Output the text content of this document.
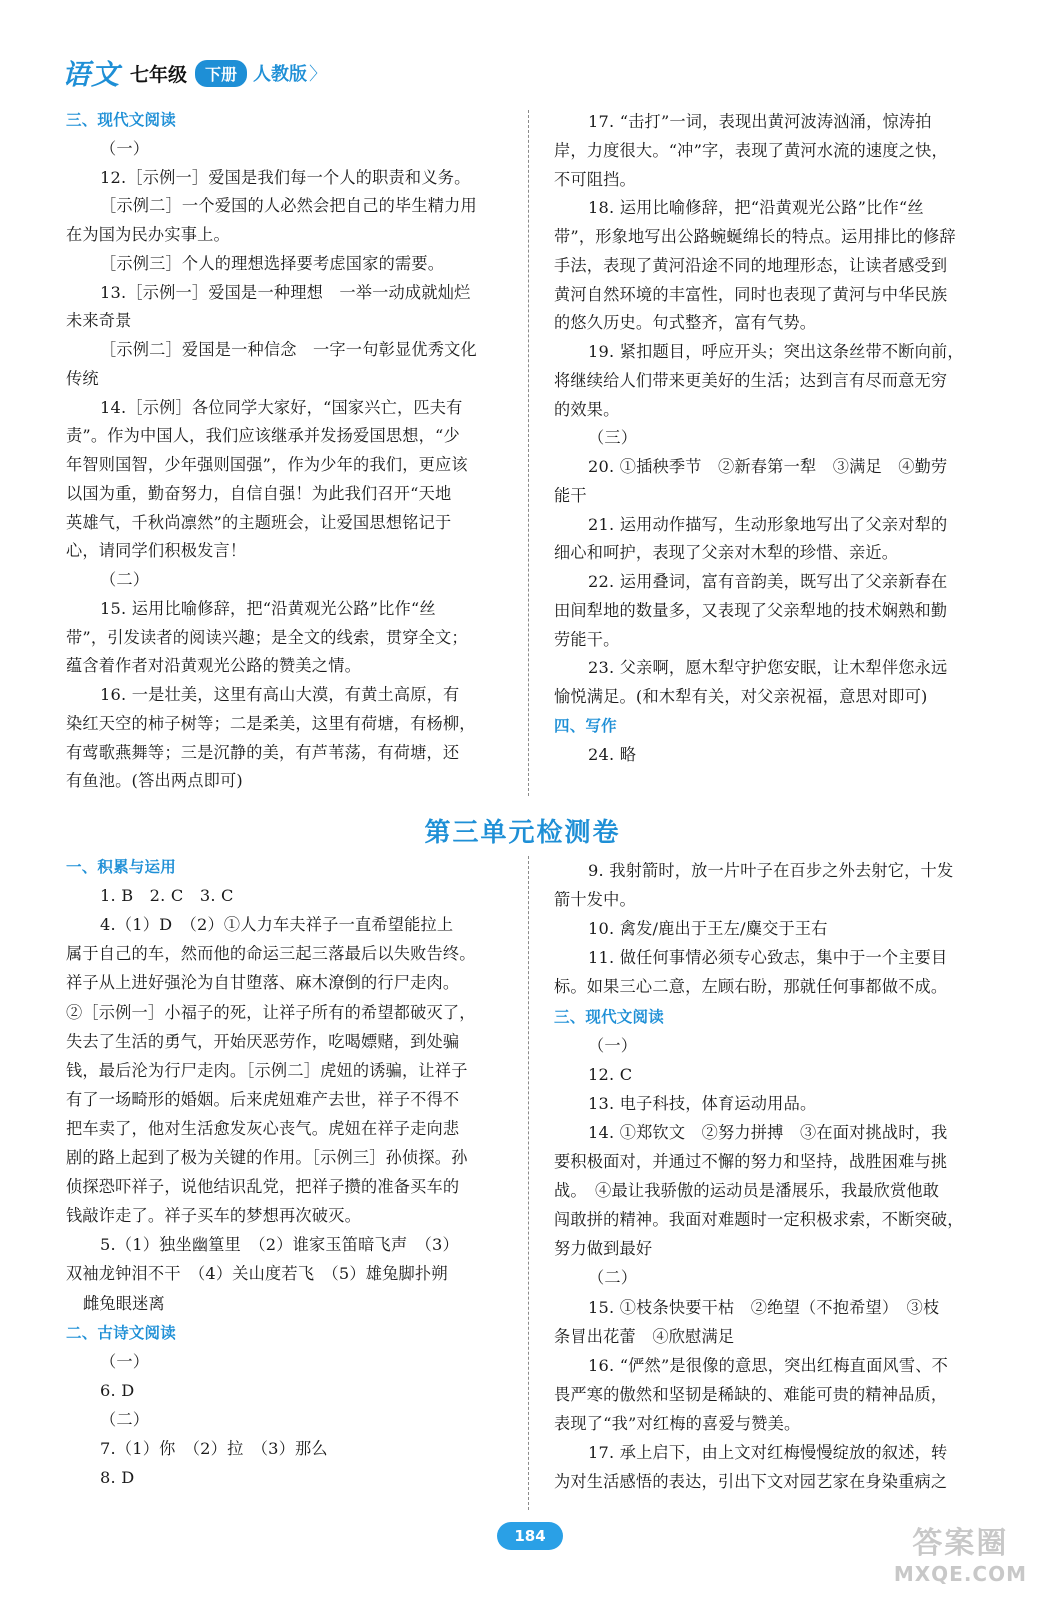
语文 七年级	下册 人教版 〉
三、现代文阅读
（一）
12.［示例一］爱国是我们每一个人的职责和义务。
［示例二］一个爱国的人必然会把自己的毕生精力用
在为国为民办实事上。
［示例三］个人的理想选择要考虑国家的需要。
13.［示例一］爱国是一种理想　一举一动成就灿烂
未来奇景
［示例二］爱国是一种信念　一字一句彰显优秀文化
传统
14.［示例］各位同学大家好，“国家兴亡，匹夫有
责”。作为中国人，我们应该继承并发扬爱国思想，“少
年智则国智，少年强则国强”，作为少年的我们，更应该
以国为重，勤奋努力，自信自强！为此我们召开“天地
英雄气，千秋尚凛然”的主题班会，让爱国思想铭记于
心，请同学们积极发言！
（二）
15. 运用比喻修辞，把“沿黄观光公路”比作“丝
带”，引发读者的阅读兴趣；是全文的线索，贯穿全文；
蕴含着作者对沿黄观光公路的赞美之情。
16. 一是壮美，这里有高山大漠，有黄土高原，有
染红天空的柿子树等；二是柔美，这里有荷塘，有杨柳，
有莺歌燕舞等；三是沉静的美，有芦苇荡，有荷塘，还
有鱼池。(答出两点即可)
17. “击打”一词，表现出黄河波涛汹涌，惊涛拍
岸，力度很大。“冲”字，表现了黄河水流的速度之快，
不可阻挡。
18. 运用比喻修辞，把“沿黄观光公路”比作“丝
带”，形象地写出公路蜿蜒绵长的特点。运用排比的修辞
手法，表现了黄河沿途不同的地理形态，让读者感受到
黄河自然环境的丰富性，同时也表现了黄河与中华民族
的悠久历史。句式整齐，富有气势。
19. 紧扣题目，呼应开头；突出这条丝带不断向前，
将继续给人们带来更美好的生活；达到言有尽而意无穷
的效果。
（三）
20. ①插秧季节　②新春第一犁　③满足　④勤劳
能干
21. 运用动作描写，生动形象地写出了父亲对犁的
细心和呵护，表现了父亲对木犁的珍惜、亲近。
22. 运用叠词，富有音韵美，既写出了父亲新春在
田间犁地的数量多，又表现了父亲犁地的技术娴熟和勤
劳能干。
23. 父亲啊，愿木犁守护您安眠，让木犁伴您永远
愉悦满足。(和木犁有关，对父亲祝福，意思对即可)
四、写作
24. 略
第三单元检测卷
一、积累与运用
1. B　2. C　3. C
4.（1）D　（2）①人力车夫祥子一直希望能拉上
属于自己的车，然而他的命运三起三落最后以失败告终。
祥子从上进好强沦为自甘堕落、麻木潦倒的行尸走肉。
②［示例一］小福子的死，让祥子所有的希望都破灭了，
失去了生活的勇气，开始厌恶劳作，吃喝嫖赌，到处骗
钱，最后沦为行尸走肉。［示例二］虎妞的诱骗，让祥子
有了一场畸形的婚姻。后来虎妞难产去世，祥子不得不
把车卖了，他对生活愈发灰心丧气。虎妞在祥子走向悲
剧的路上起到了极为关键的作用。［示例三］孙侦探。孙
侦探恐吓祥子，说他结识乱党，把祥子攒的准备买车的
钱敲诈走了。祥子买车的梦想再次破灭。
5.（1）独坐幽篁里　（2）谁家玉笛暗飞声　（3）
双袖龙钟泪不干　（4）关山度若飞　（5）雄兔脚扑朔
雌兔眼迷离
二、古诗文阅读
（一）
6. D
（二）
7.（1）你　（2）拉　（3）那么
8. D
9. 我射箭时，放一片叶子在百步之外去射它，十发
箭十发中。
10. 禽发/鹿出于王左/麋交于王右
11. 做任何事情必须专心致志，集中于一个主要目
标。如果三心二意，左顾右盼，那就任何事都做不成。
三、现代文阅读
（一）
12. C
13. 电子科技，体育运动用品。
14. ①郑钦文　②努力拼搏　③在面对挑战时，我
要积极面对，并通过不懈的努力和坚持，战胜困难与挑
战。　④最让我骄傲的运动员是潘展乐，我最欣赏他敢
闯敢拼的精神。我面对难题时一定积极求索，不断突破，
努力做到最好
（二）
15. ①枝条快要干枯　②绝望（不抱希望）　③枝
条冒出花蕾　④欣慰满足
16. “俨然”是很像的意思，突出红梅直面风雪、不
畏严寒的傲然和坚韧是稀缺的、难能可贵的精神品质，
表现了“我”对红梅的喜爱与赞美。
17. 承上启下，由上文对红梅慢慢绽放的叙述，转
为对生活感悟的表达，引出下文对园艺家在身染重病之
184	答案圈
MXQE.COM
